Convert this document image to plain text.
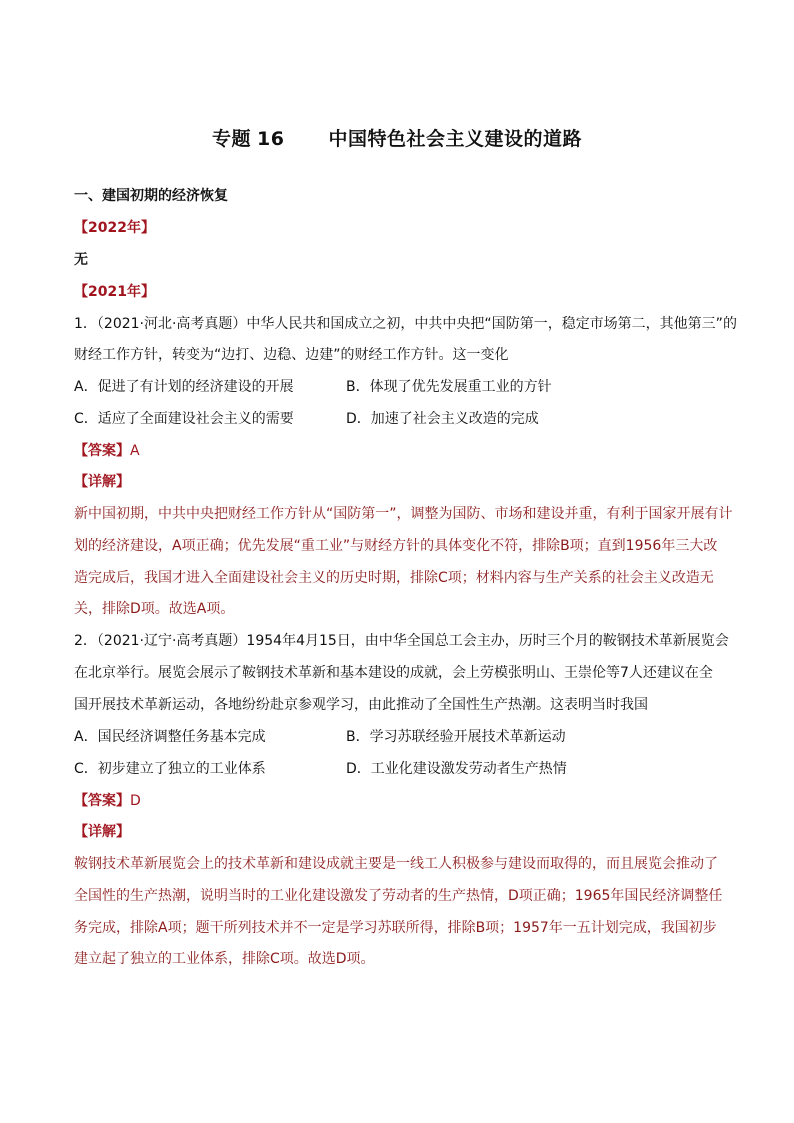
专题 16 中国特色社会主义建设的道路
一、建国初期的经济恢复
【2022年】
无
【2021年】
1．（2021·河北·高考真题）中华人民共和国成立之初，中共中央把“国防第一，稳定市场第二，其他第三”的
财经工作方针，转变为“边打、边稳、边建”的财经工作方针。这一变化
A．促进了有计划的经济建设的开展	B．体现了优先发展重工业的方针
C．适应了全面建设社会主义的需要	D．加速了社会主义改造的完成
【答案】A
【详解】
新中国初期，中共中央把财经工作方针从“国防第一”，调整为国防、市场和建设并重，有利于国家开展有计
划的经济建设，A项正确；优先发展“重工业”与财经方针的具体变化不符，排除B项；直到1956年三大改
造完成后，我国才进入全面建设社会主义的历史时期，排除C项；材料内容与生产关系的社会主义改造无
关，排除D项。故选A项。
2．（2021·辽宁·高考真题）1954年4月15日，由中华全国总工会主办，历时三个月的鞍钢技术革新展览会
在北京举行。展览会展示了鞍钢技术革新和基本建设的成就，会上劳模张明山、王崇伦等7人还建议在全
国开展技术革新运动，各地纷纷赴京参观学习，由此推动了全国性生产热潮。这表明当时我国
A．国民经济调整任务基本完成	B．学习苏联经验开展技术革新运动
C．初步建立了独立的工业体系	D．工业化建设激发劳动者生产热情
【答案】D
【详解】
鞍钢技术革新展览会上的技术革新和建设成就主要是一线工人积极参与建设而取得的，而且展览会推动了
全国性的生产热潮，说明当时的工业化建设激发了劳动者的生产热情，D项正确；1965年国民经济调整任
务完成，排除A项；题干所列技术并不一定是学习苏联所得，排除B项；1957年一五计划完成，我国初步
建立起了独立的工业体系，排除C项。故选D项。
